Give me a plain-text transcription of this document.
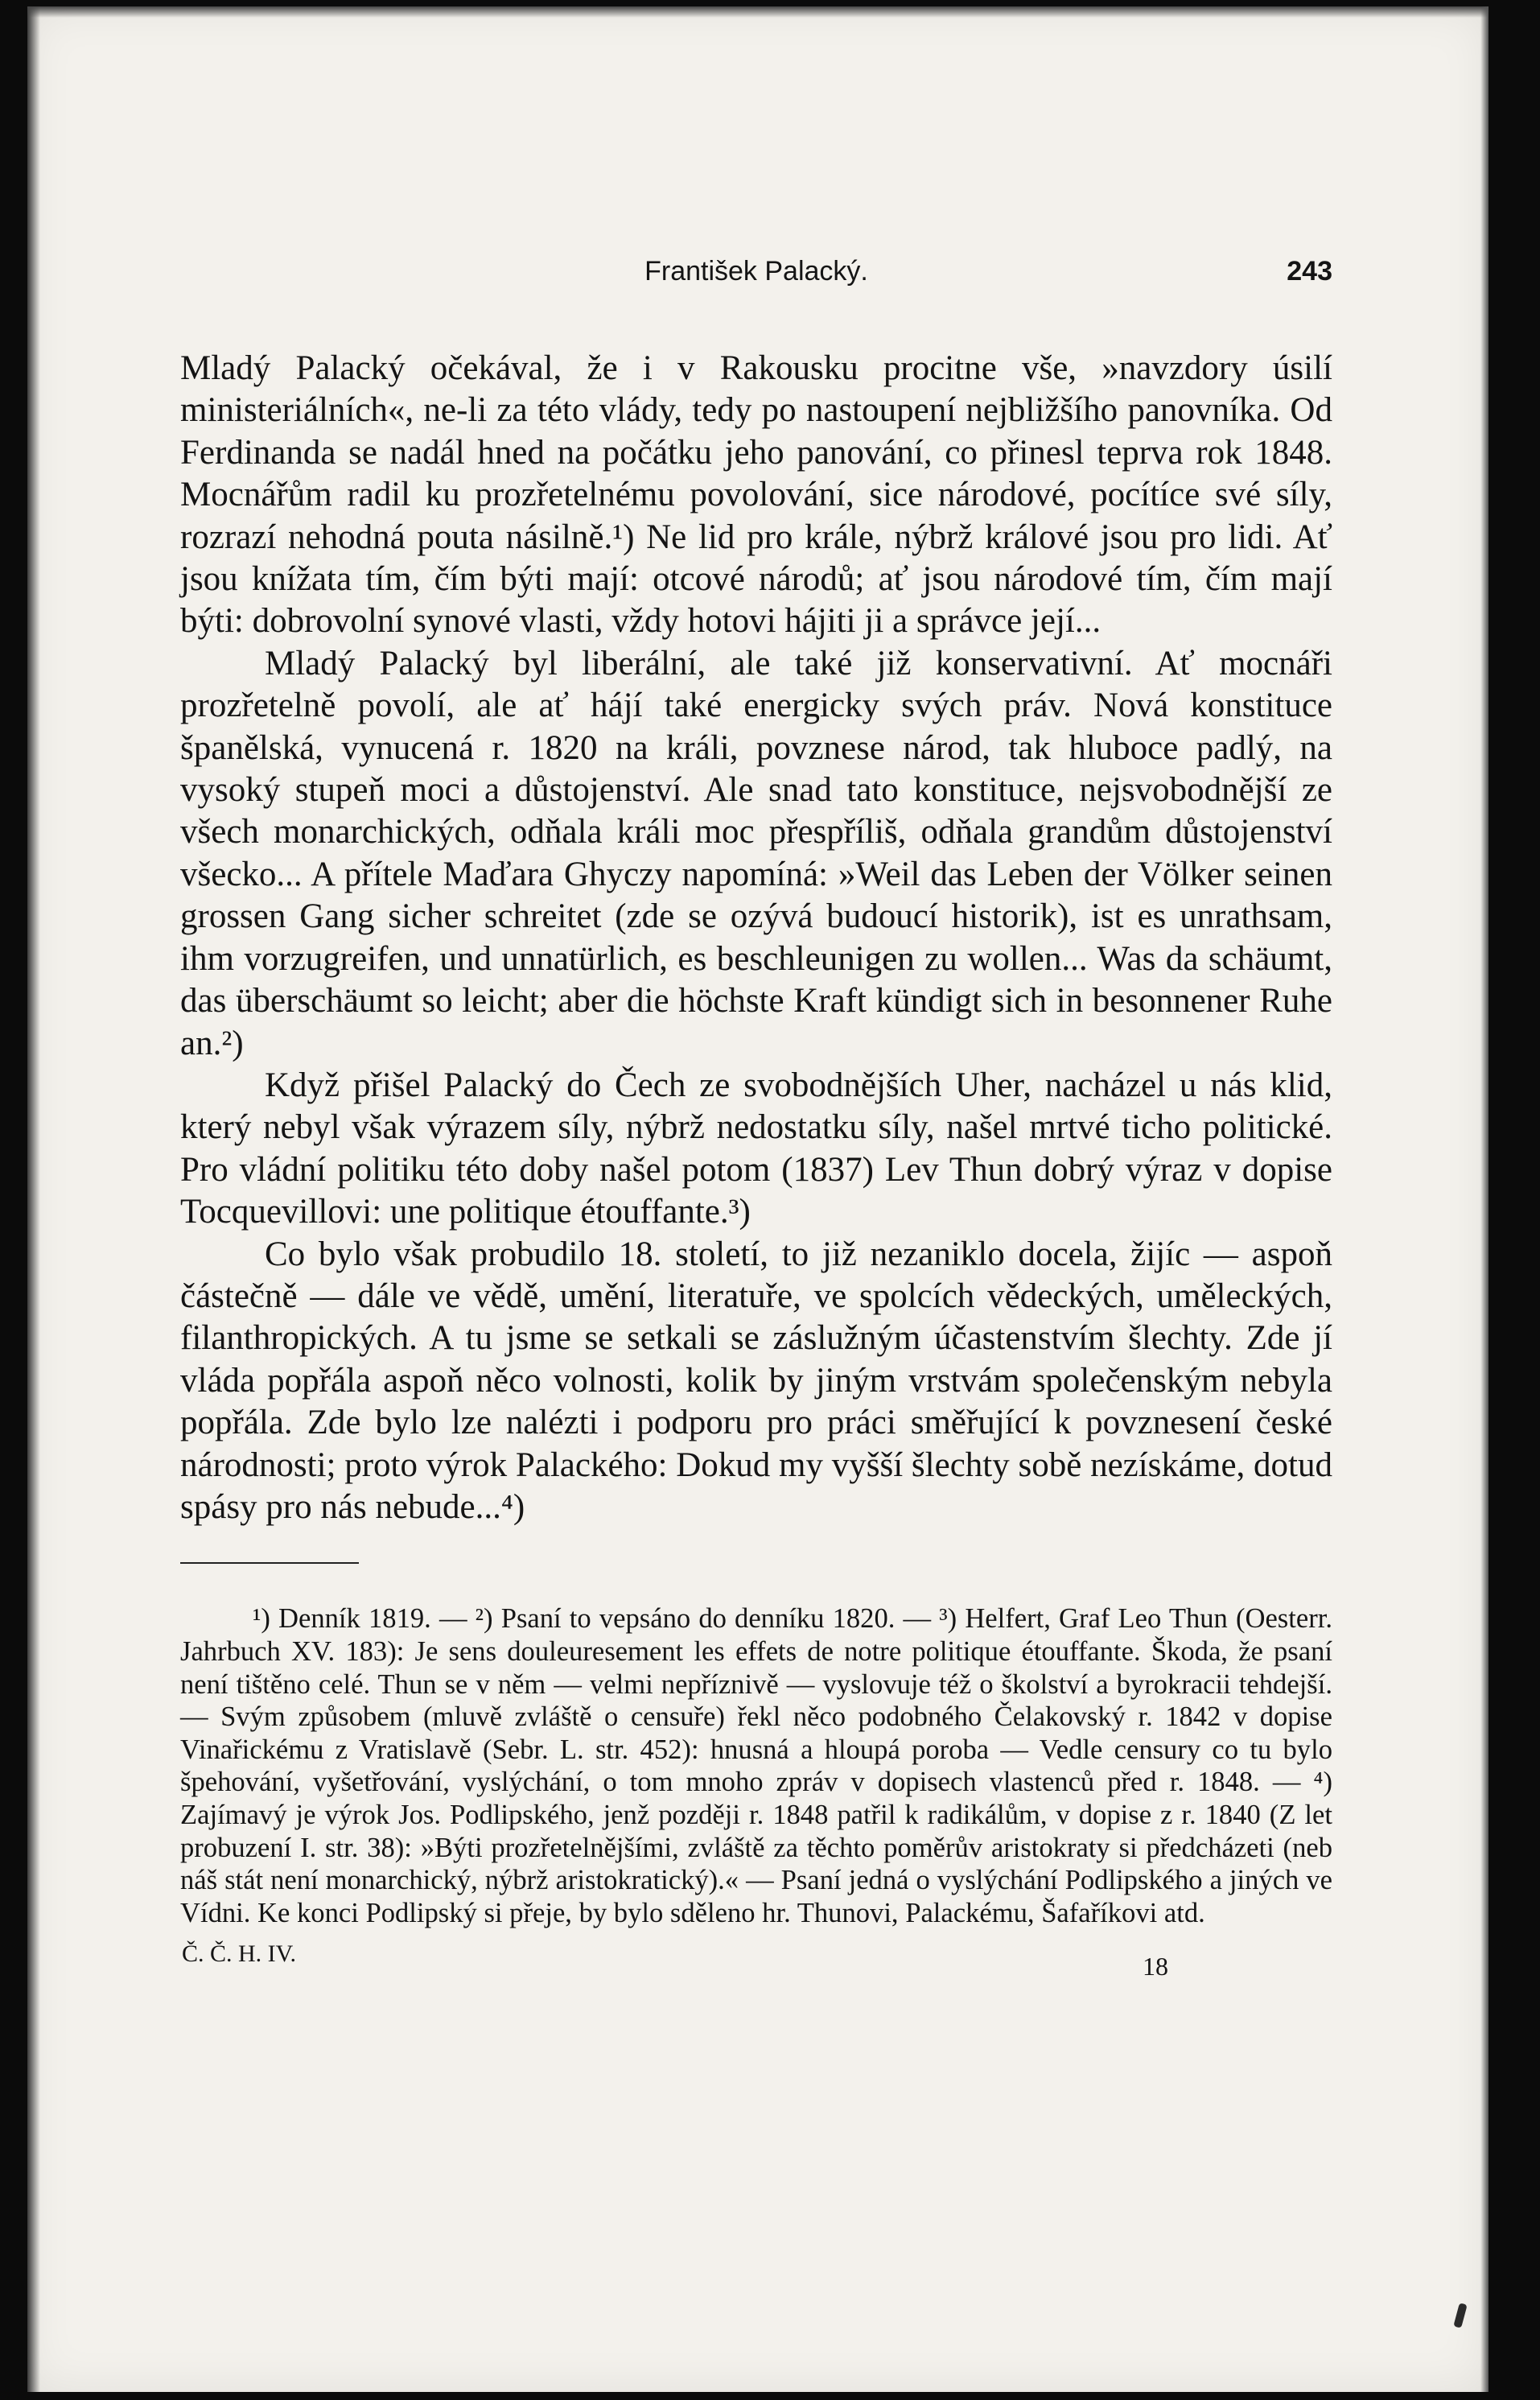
František Palacký.	243

Mladý Palacký očekával, že i v Rakousku procitne vše, »navzdory úsilí ministeriálních«, ne-li za této vlády, tedy po nastoupení nejbližšího panovníka. Od Ferdinanda se nadál hned na počátku jeho panování, co přinesl teprva rok 1848. Mocnářům radil ku prozřetelnému povolování, sice národové, pocítíce své síly, rozrazí nehodná pouta násilně.¹) Ne lid pro krále, nýbrž králové jsou pro lidi. Ať jsou knížata tím, čím býti mají: otcové národů; ať jsou národové tím, čím mají býti: dobrovolní synové vlasti, vždy hotovi hájiti ji a správce její...

Mladý Palacký byl liberální, ale také již konservativní. Ať mocnáři prozřetelně povolí, ale ať hájí také energicky svých práv. Nová konstituce španělská, vynucená r. 1820 na králi, povznese národ, tak hluboce padlý, na vysoký stupeň moci a důstojenství. Ale snad tato konstituce, nejsvobodnější ze všech monarchických, odňala králi moc přespříliš, odňala grandům důstojenství všecko... A přítele Maďara Ghyczy napomíná: »Weil das Leben der Völker seinen grossen Gang sicher schreitet (zde se ozývá budoucí historik), ist es unrathsam, ihm vorzugreifen, und unnatürlich, es beschleunigen zu wollen... Was da schäumt, das überschäumt so leicht; aber die höchste Kraft kündigt sich in besonnener Ruhe an.²)

Když přišel Palacký do Čech ze svobodnějších Uher, nacházel u nás klid, který nebyl však výrazem síly, nýbrž nedostatku síly, našel mrtvé ticho politické. Pro vládní politiku této doby našel potom (1837) Lev Thun dobrý výraz v dopise Tocquevillovi: une politique étouffante.³)

Co bylo však probudilo 18. století, to již nezaniklo docela, žijíc — aspoň částečně — dále ve vědě, umění, literatuře, ve spolcích vědeckých, uměleckých, filanthropických. A tu jsme se setkali se záslužným účastenstvím šlechty. Zde jí vláda popřála aspoň něco volnosti, kolik by jiným vrstvám společenským nebyla popřála. Zde bylo lze nalézti i podporu pro práci směřující k povznesení české národnosti; proto výrok Palackého: Dokud my vyšší šlechty sobě nezískáme, dotud spásy pro nás nebude...⁴)

¹) Denník 1819. — ²) Psaní to vepsáno do denníku 1820. — ³) Helfert, Graf Leo Thun (Oesterr. Jahrbuch XV. 183): Je sens douleuresement les effets de notre politique étouffante. Škoda, že psaní není tištěno celé. Thun se v něm — velmi nepříznivě — vyslovuje též o školství a byrokracii tehdejší. — Svým způsobem (mluvě zvláště o censuře) řekl něco podobného Čelakovský r. 1842 v dopise Vinařickému z Vratislavě (Sebr. L. str. 452): hnusná a hloupá poroba — Vedle censury co tu bylo špehování, vyšetřování, vyslýchání, o tom mnoho zpráv v dopisech vlastenců před r. 1848. — ⁴) Zajímavý je výrok Jos. Podlipského, jenž později r. 1848 patřil k radikálům, v dopise z r. 1840 (Z let probuzení I. str. 38): »Býti prozřetelnějšími, zvláště za těchto poměrův aristokraty si předcházeti (neb náš stát není monarchický, nýbrž aristokratický).« — Psaní jedná o vyslýchání Podlipského a jiných ve Vídni. Ke konci Podlipský si přeje, by bylo sděleno hr. Thunovi, Palackému, Šafaříkovi atd.

Č. Č. H. IV.	18
